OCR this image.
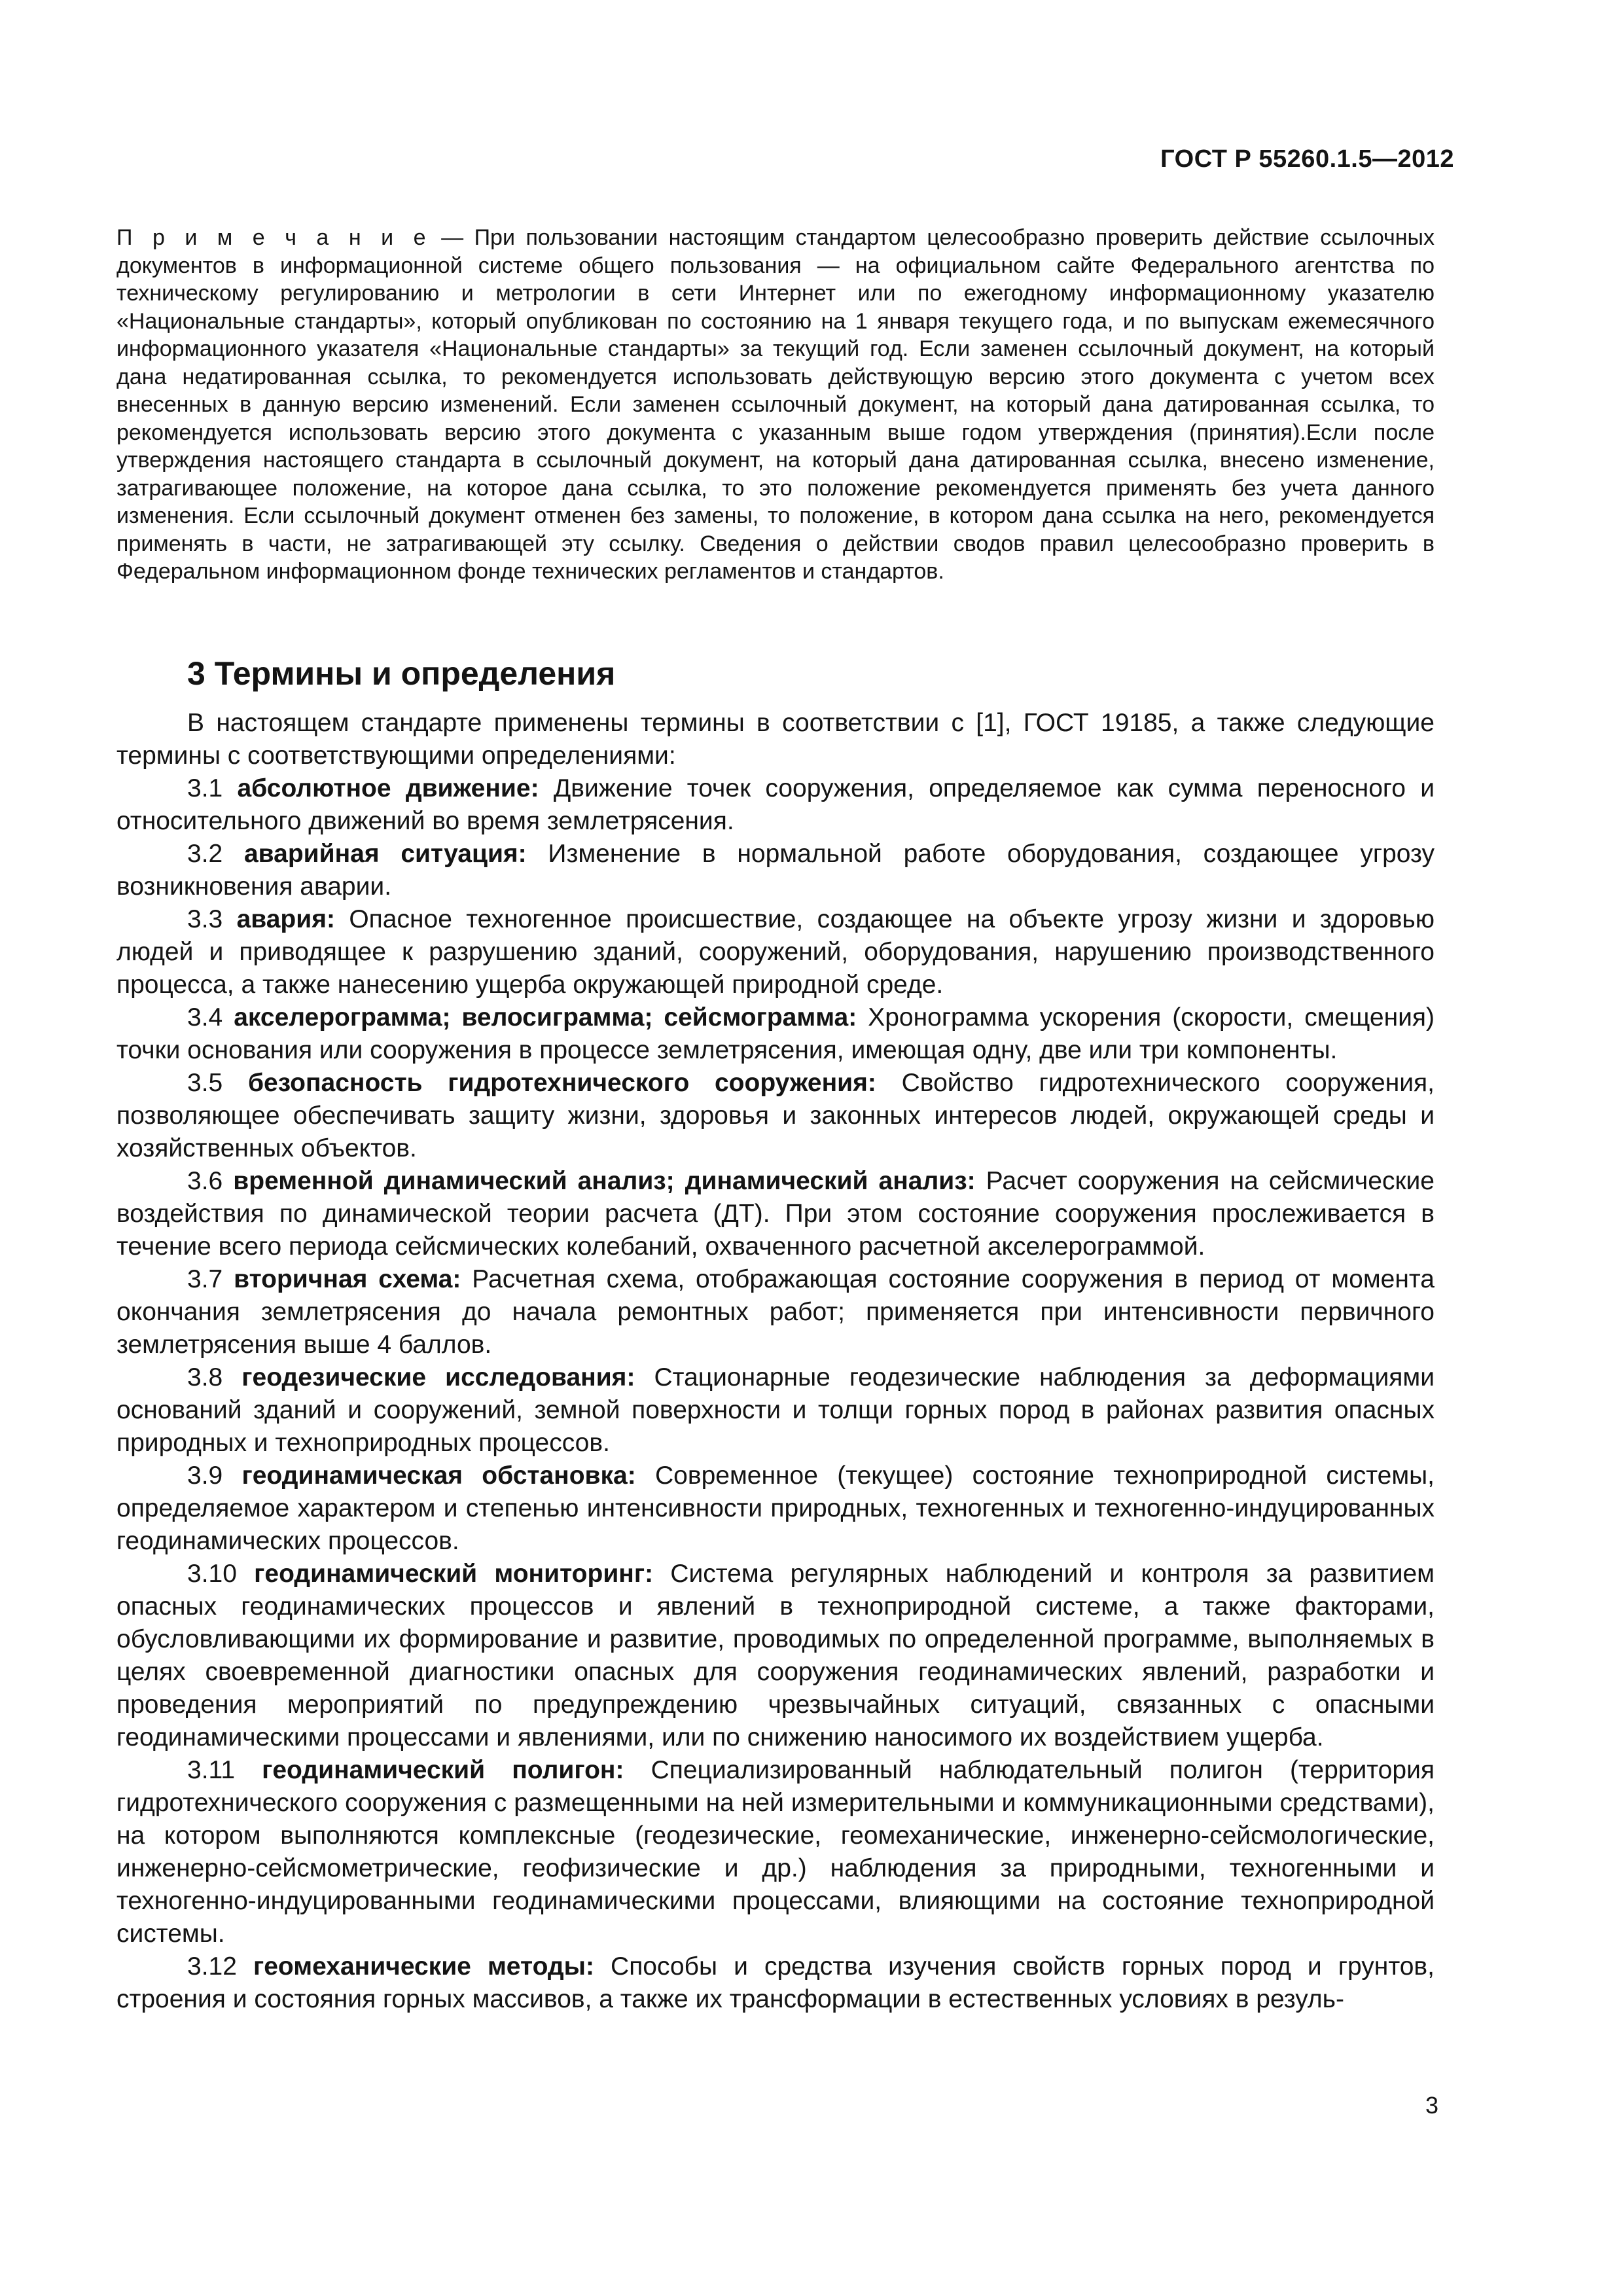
ГОСТ Р 55260.1.5—2012
П р и м е ч а н и е — При пользовании настоящим стандартом целесообразно проверить действие ссылочных документов в информационной системе общего пользования — на официальном сайте Федерального агентства по техническому регулированию и метрологии в сети Интернет или по ежегодному информационному указателю «Национальные стандарты», который опубликован по состоянию на 1 января текущего года, и по выпускам ежемесячного информационного указателя «Национальные стандарты» за текущий год. Если заменен ссылочный документ, на который дана недатированная ссылка, то рекомендуется использовать действующую версию этого документа с учетом всех внесенных в данную версию изменений. Если заменен ссылочный документ, на который дана датированная ссылка, то рекомендуется использовать версию этого документа с указанным выше годом утверждения (принятия).Если после утверждения настоящего стандарта в ссылочный документ, на который дана датированная ссылка, внесено изменение, затрагивающее положение, на которое дана ссылка, то это положение рекомендуется применять без учета данного изменения. Если ссылочный документ отменен без замены, то положение, в котором дана ссылка на него, рекомендуется применять в части, не затрагивающей эту ссылку. Сведения о действии сводов правил целесообразно проверить в Федеральном информационном фонде технических регламентов и стандартов.
3 Термины и определения

В настоящем стандарте применены термины в соответствии с [1], ГОСТ 19185, а также следующие термины с соответствующими определениями:

3.1 абсолютное движение: Движение точек сооружения, определяемое как сумма переносного и относительного движений во время землетрясения.

3.2 аварийная ситуация: Изменение в нормальной работе оборудования, создающее угрозу возникновения аварии.

3.3 авария: Опасное техногенное происшествие, создающее на объекте угрозу жизни и здоровью людей и приводящее к разрушению зданий, сооружений, оборудования, нарушению производственного процесса, а также нанесению ущерба окружающей природной среде.

3.4 акселерограмма; велосиграмма; сейсмограмма: Хронограмма ускорения (скорости, смещения) точки основания или сооружения в процессе землетрясения, имеющая одну, две или три компоненты.

3.5 безопасность гидротехнического сооружения: Свойство гидротехнического сооружения, позволяющее обеспечивать защиту жизни, здоровья и законных интересов людей, окружающей среды и хозяйственных объектов.

3.6 временной динамический анализ; динамический анализ: Расчет сооружения на сейсмические воздействия по динамической теории расчета (ДТ). При этом состояние сооружения прослеживается в течение всего периода сейсмических колебаний, охваченного расчетной акселерограммой.

3.7 вторичная схема: Расчетная схема, отображающая состояние сооружения в период от момента окончания землетрясения до начала ремонтных работ; применяется при интенсивности первичного землетрясения выше 4 баллов.

3.8 геодезические исследования: Стационарные геодезические наблюдения за деформациями оснований зданий и сооружений, земной поверхности и толщи горных пород в районах развития опасных природных и технoприродных процессов.

3.9 геодинамическая обстановка: Современное (текущее) состояние технoприродной системы, определяемое характером и степенью интенсивности природных, техногенных и техногенно-индуцированных геодинамических процессов.

3.10 геодинамический мониторинг: Система регулярных наблюдений и контроля за развитием опасных геодинамических процессов и явлений в технoприродной системе, а также факторами, обусловливающими их формирование и развитие, проводимых по определенной программе, выполняемых в целях своевременной диагностики опасных для сооружения геодинамических явлений, разработки и проведения мероприятий по предупреждению чрезвычайных ситуаций, связанных с опасными геодинамическими процессами и явлениями, или по снижению наносимого их воздействием ущерба.

3.11 геодинамический полигон: Специализированный наблюдательный полигон (территория гидротехнического сооружения с размещенными на ней измерительными и коммуникационными средствами), на котором выполняются комплексные (геодезические, геомеханические, инженерно-сейсмологические, инженерно-сейсмометрические, геофизические и др.) наблюдения за природными, техногенными и техногенно-индуцированными геодинамическими процессами, влияющими на состояние технoприродной системы.

3.12 геомеханические методы: Способы и средства изучения свойств горных пород и грунтов, строения и состояния горных массивов, а также их трансформации в естественных условиях в резуль-

3
